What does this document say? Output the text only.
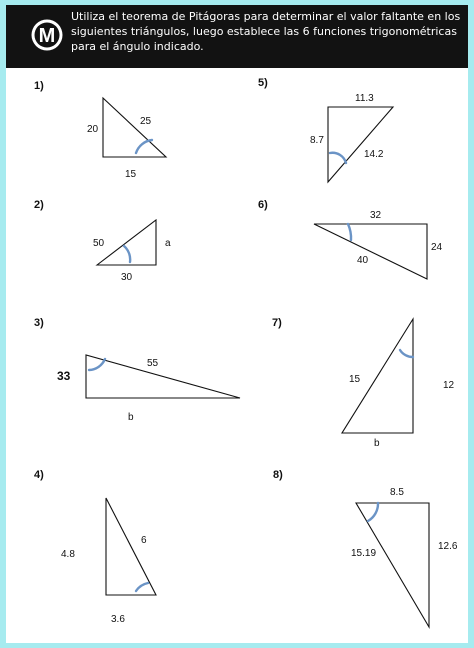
M
Utiliza el teorema de Pitágoras para determinar el valor faltante en los siguientes triángulos, luego establece las 6 funciones trigonométricas para el ángulo indicado.
1)
20
25
15
2)
50	a
30
3)
33
55
b
4)
4.8
6
3.6
5)
11.3
8.7
14.2
6)
32
24
40
7)
15
12
b
8)
8.5
15.19
12.6
